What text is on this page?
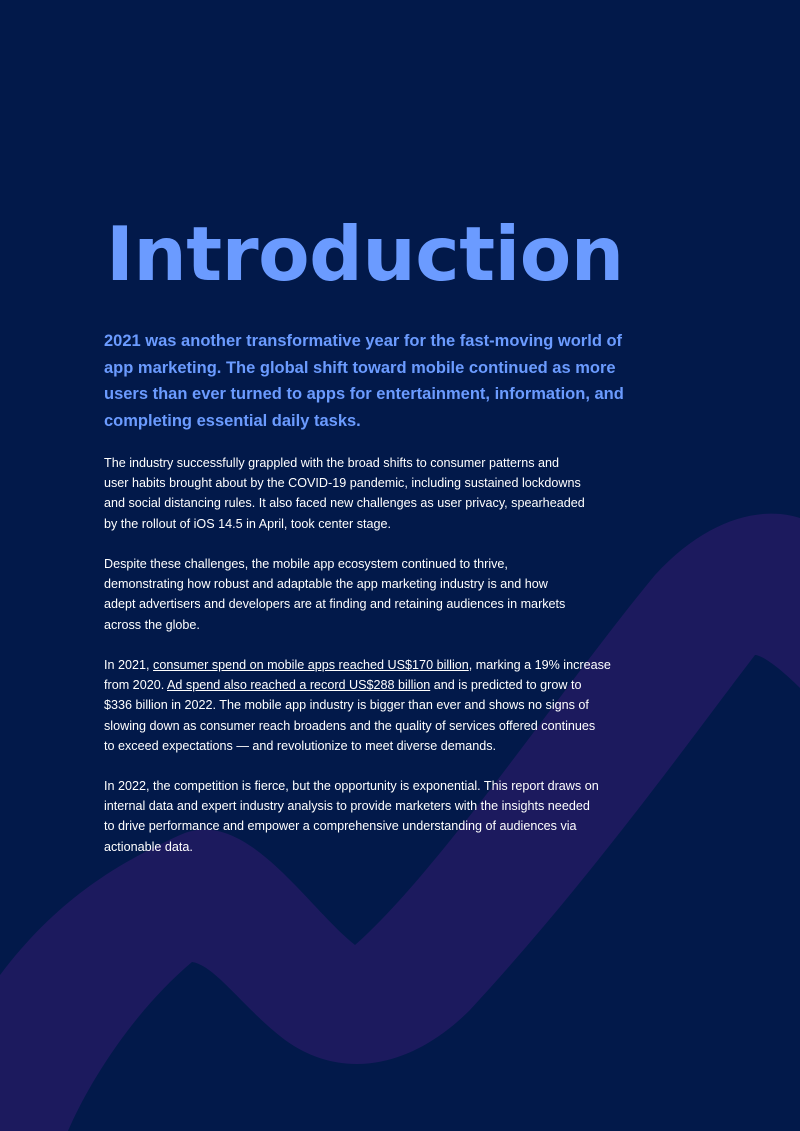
Introduction

2021 was another transformative year for the fast-moving world of app marketing. The global shift toward mobile continued as more users than ever turned to apps for entertainment, information, and completing essential daily tasks.

The industry successfully grappled with the broad shifts to consumer patterns and
user habits brought about by the COVID-19 pandemic, including sustained lockdowns
and social distancing rules. It also faced new challenges as user privacy, spearheaded
by the rollout of iOS 14.5 in April, took center stage.

Despite these challenges, the mobile app ecosystem continued to thrive,
demonstrating how robust and adaptable the app marketing industry is and how
adept advertisers and developers are at finding and retaining audiences in markets
across the globe.

In 2021, consumer spend on mobile apps reached US$170 billion, marking a 19% increase
from 2020. Ad spend also reached a record US$288 billion and is predicted to grow to
$336 billion in 2022. The mobile app industry is bigger than ever and shows no signs of
slowing down as consumer reach broadens and the quality of services offered continues
to exceed expectations — and revolutionize to meet diverse demands.

In 2022, the competition is fierce, but the opportunity is exponential. This report draws on
internal data and expert industry analysis to provide marketers with the insights needed
to drive performance and empower a comprehensive understanding of audiences via
actionable data.
